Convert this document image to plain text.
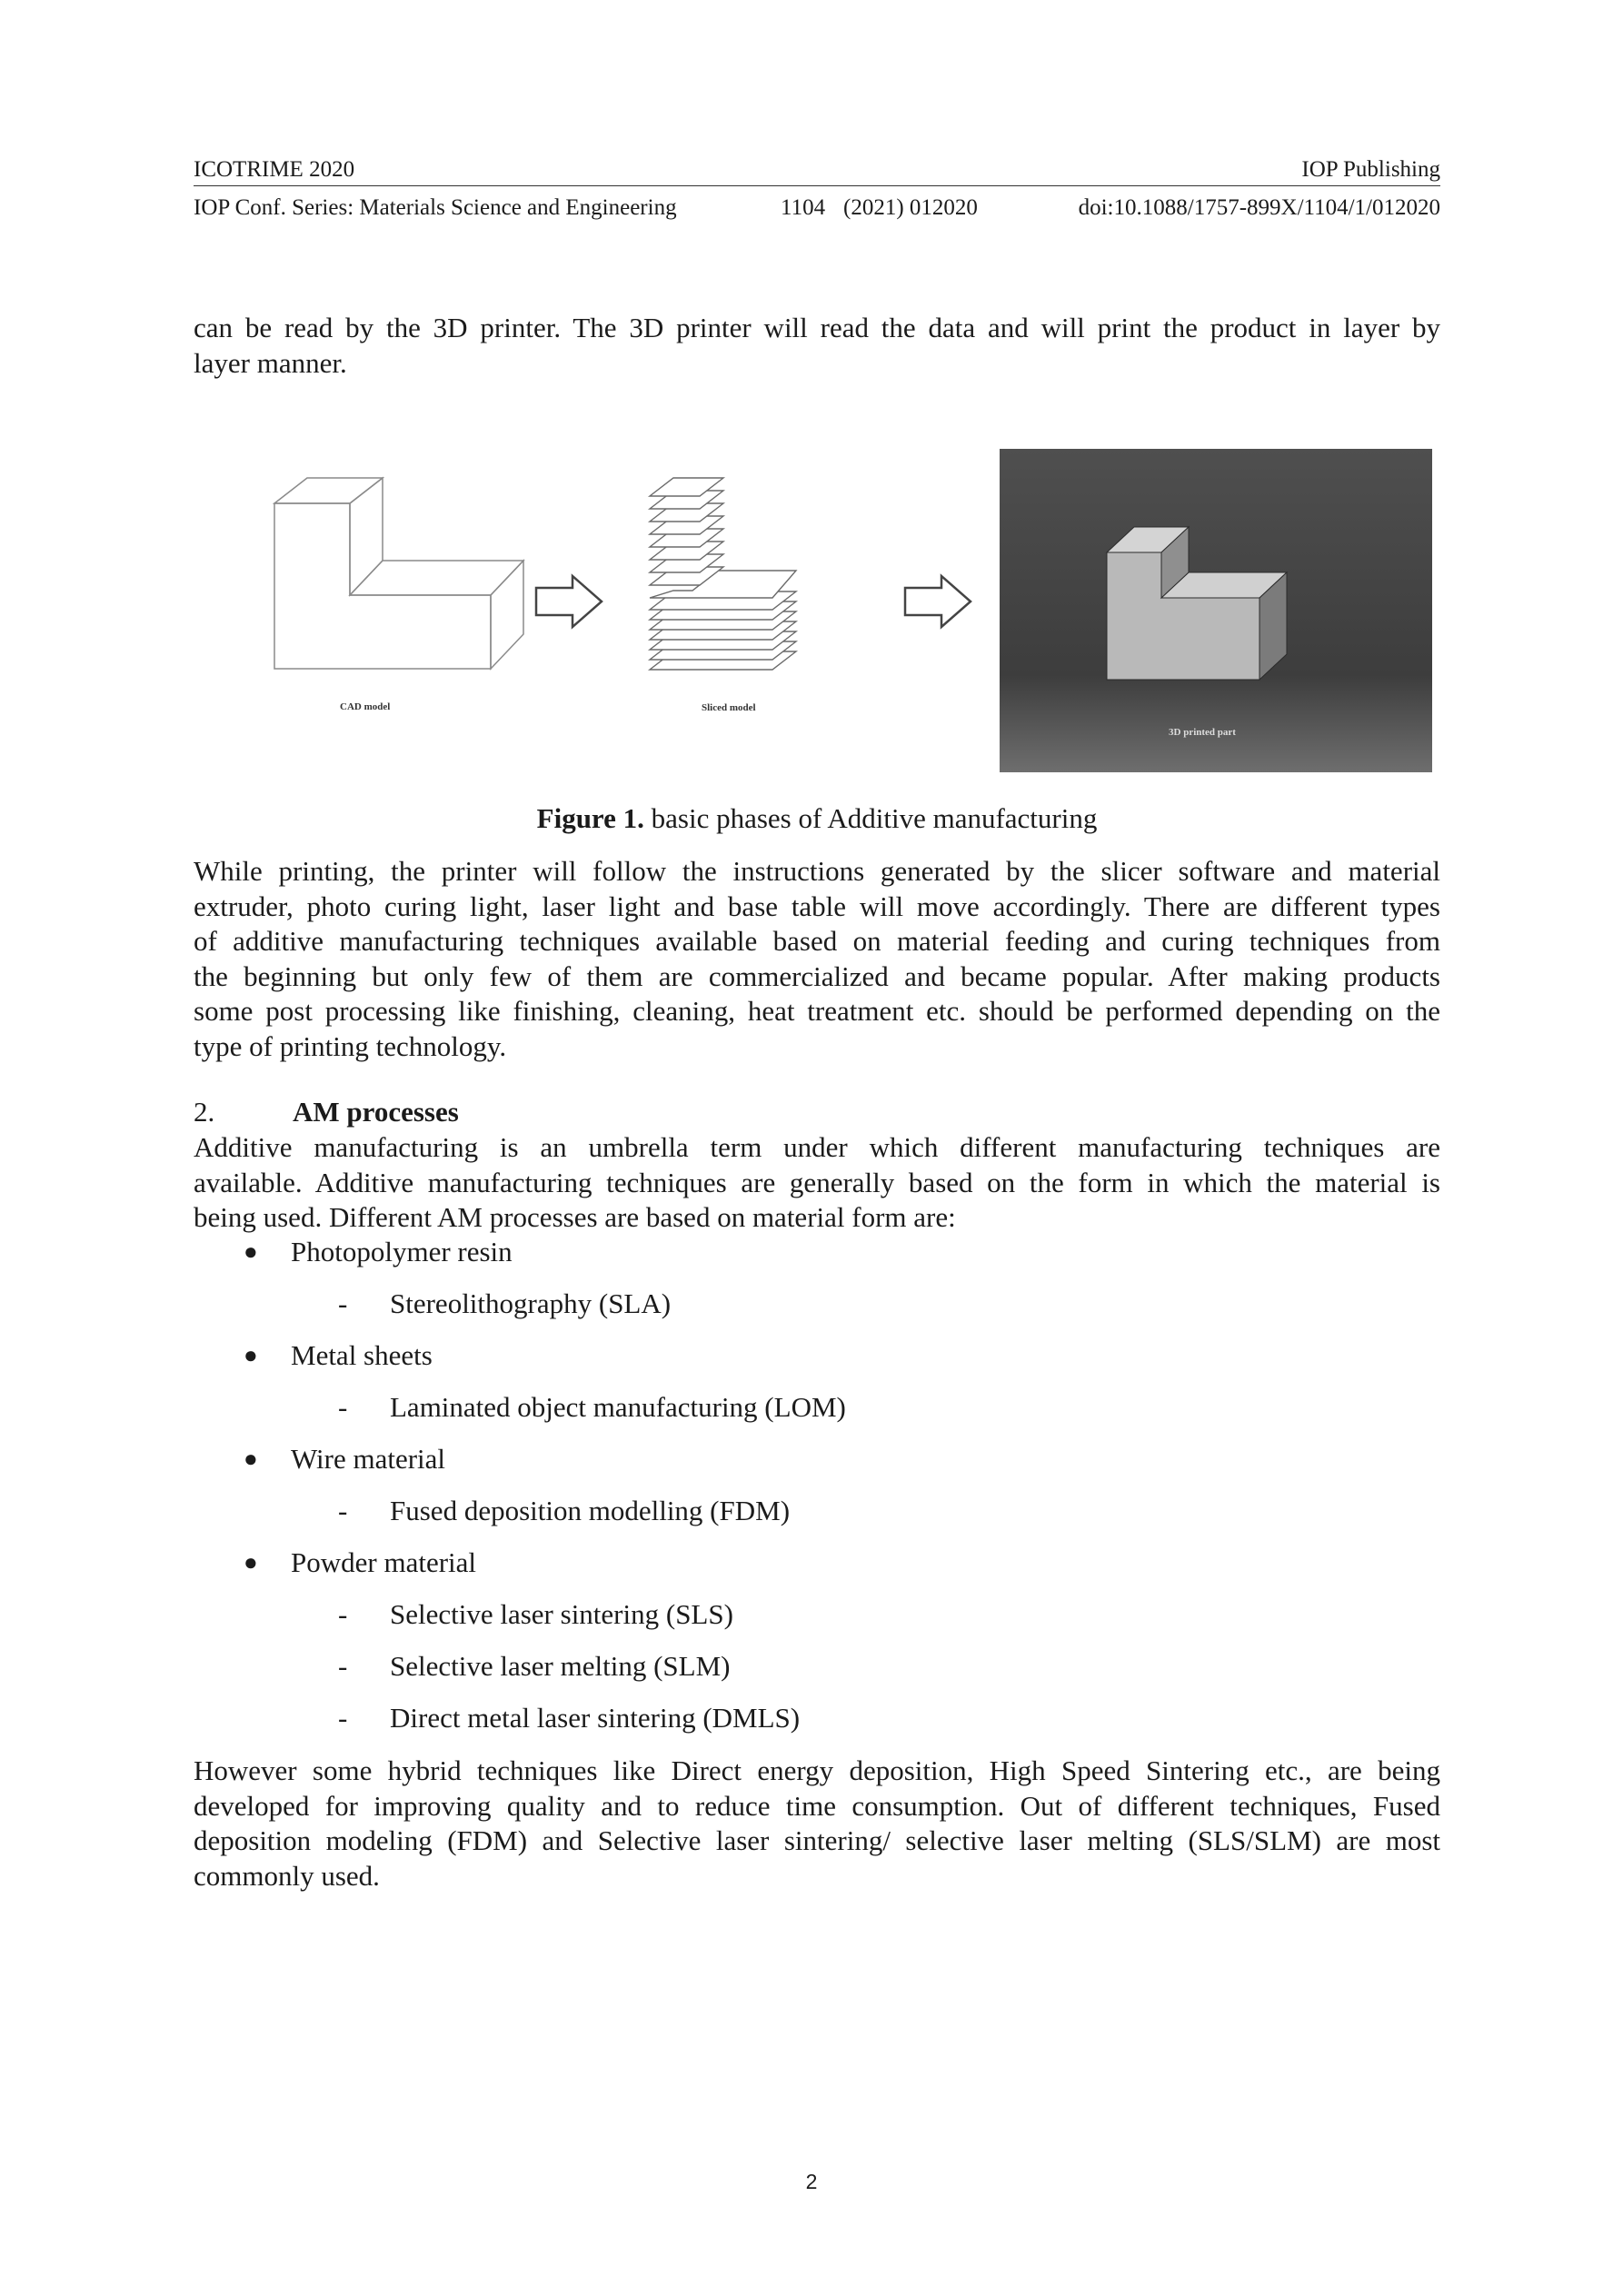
ICOTRIME 2020	IOP Publishing
IOP Conf. Series: Materials Science and Engineering	1104 (2021) 012020	doi:10.1088/1757-899X/1104/1/012020

can be read by the 3D printer. The 3D printer will read the data and will print the product in layer by
layer manner.

CAD model	Sliced model
3D printed part
Figure 1. basic phases of Additive manufacturing

While printing, the printer will follow the instructions generated by the slicer software and material
extruder, photo curing light, laser light and base table will move accordingly. There are different types
of additive manufacturing techniques available based on material feeding and curing techniques from
the beginning but only few of them are commercialized and became popular. After making products
some post processing like finishing, cleaning, heat treatment etc. should be performed depending on the
type of printing technology.

2.	AM processes

Additive manufacturing is an umbrella term under which different manufacturing techniques are
available. Additive manufacturing techniques are generally based on the form in which the material is
being used. Different AM processes are based on material form are:

● Photopolymer resin
- Stereolithography (SLA)
● Metal sheets
- Laminated object manufacturing (LOM)
● Wire material
- Fused deposition modelling (FDM)
● Powder material
- Selective laser sintering (SLS)
- Selective laser melting (SLM)
- Direct metal laser sintering (DMLS)

However some hybrid techniques like Direct energy deposition, High Speed Sintering etc., are being
developed for improving quality and to reduce time consumption. Out of different techniques, Fused
deposition modeling (FDM) and Selective laser sintering/ selective laser melting (SLS/SLM) are most
commonly used.

2
